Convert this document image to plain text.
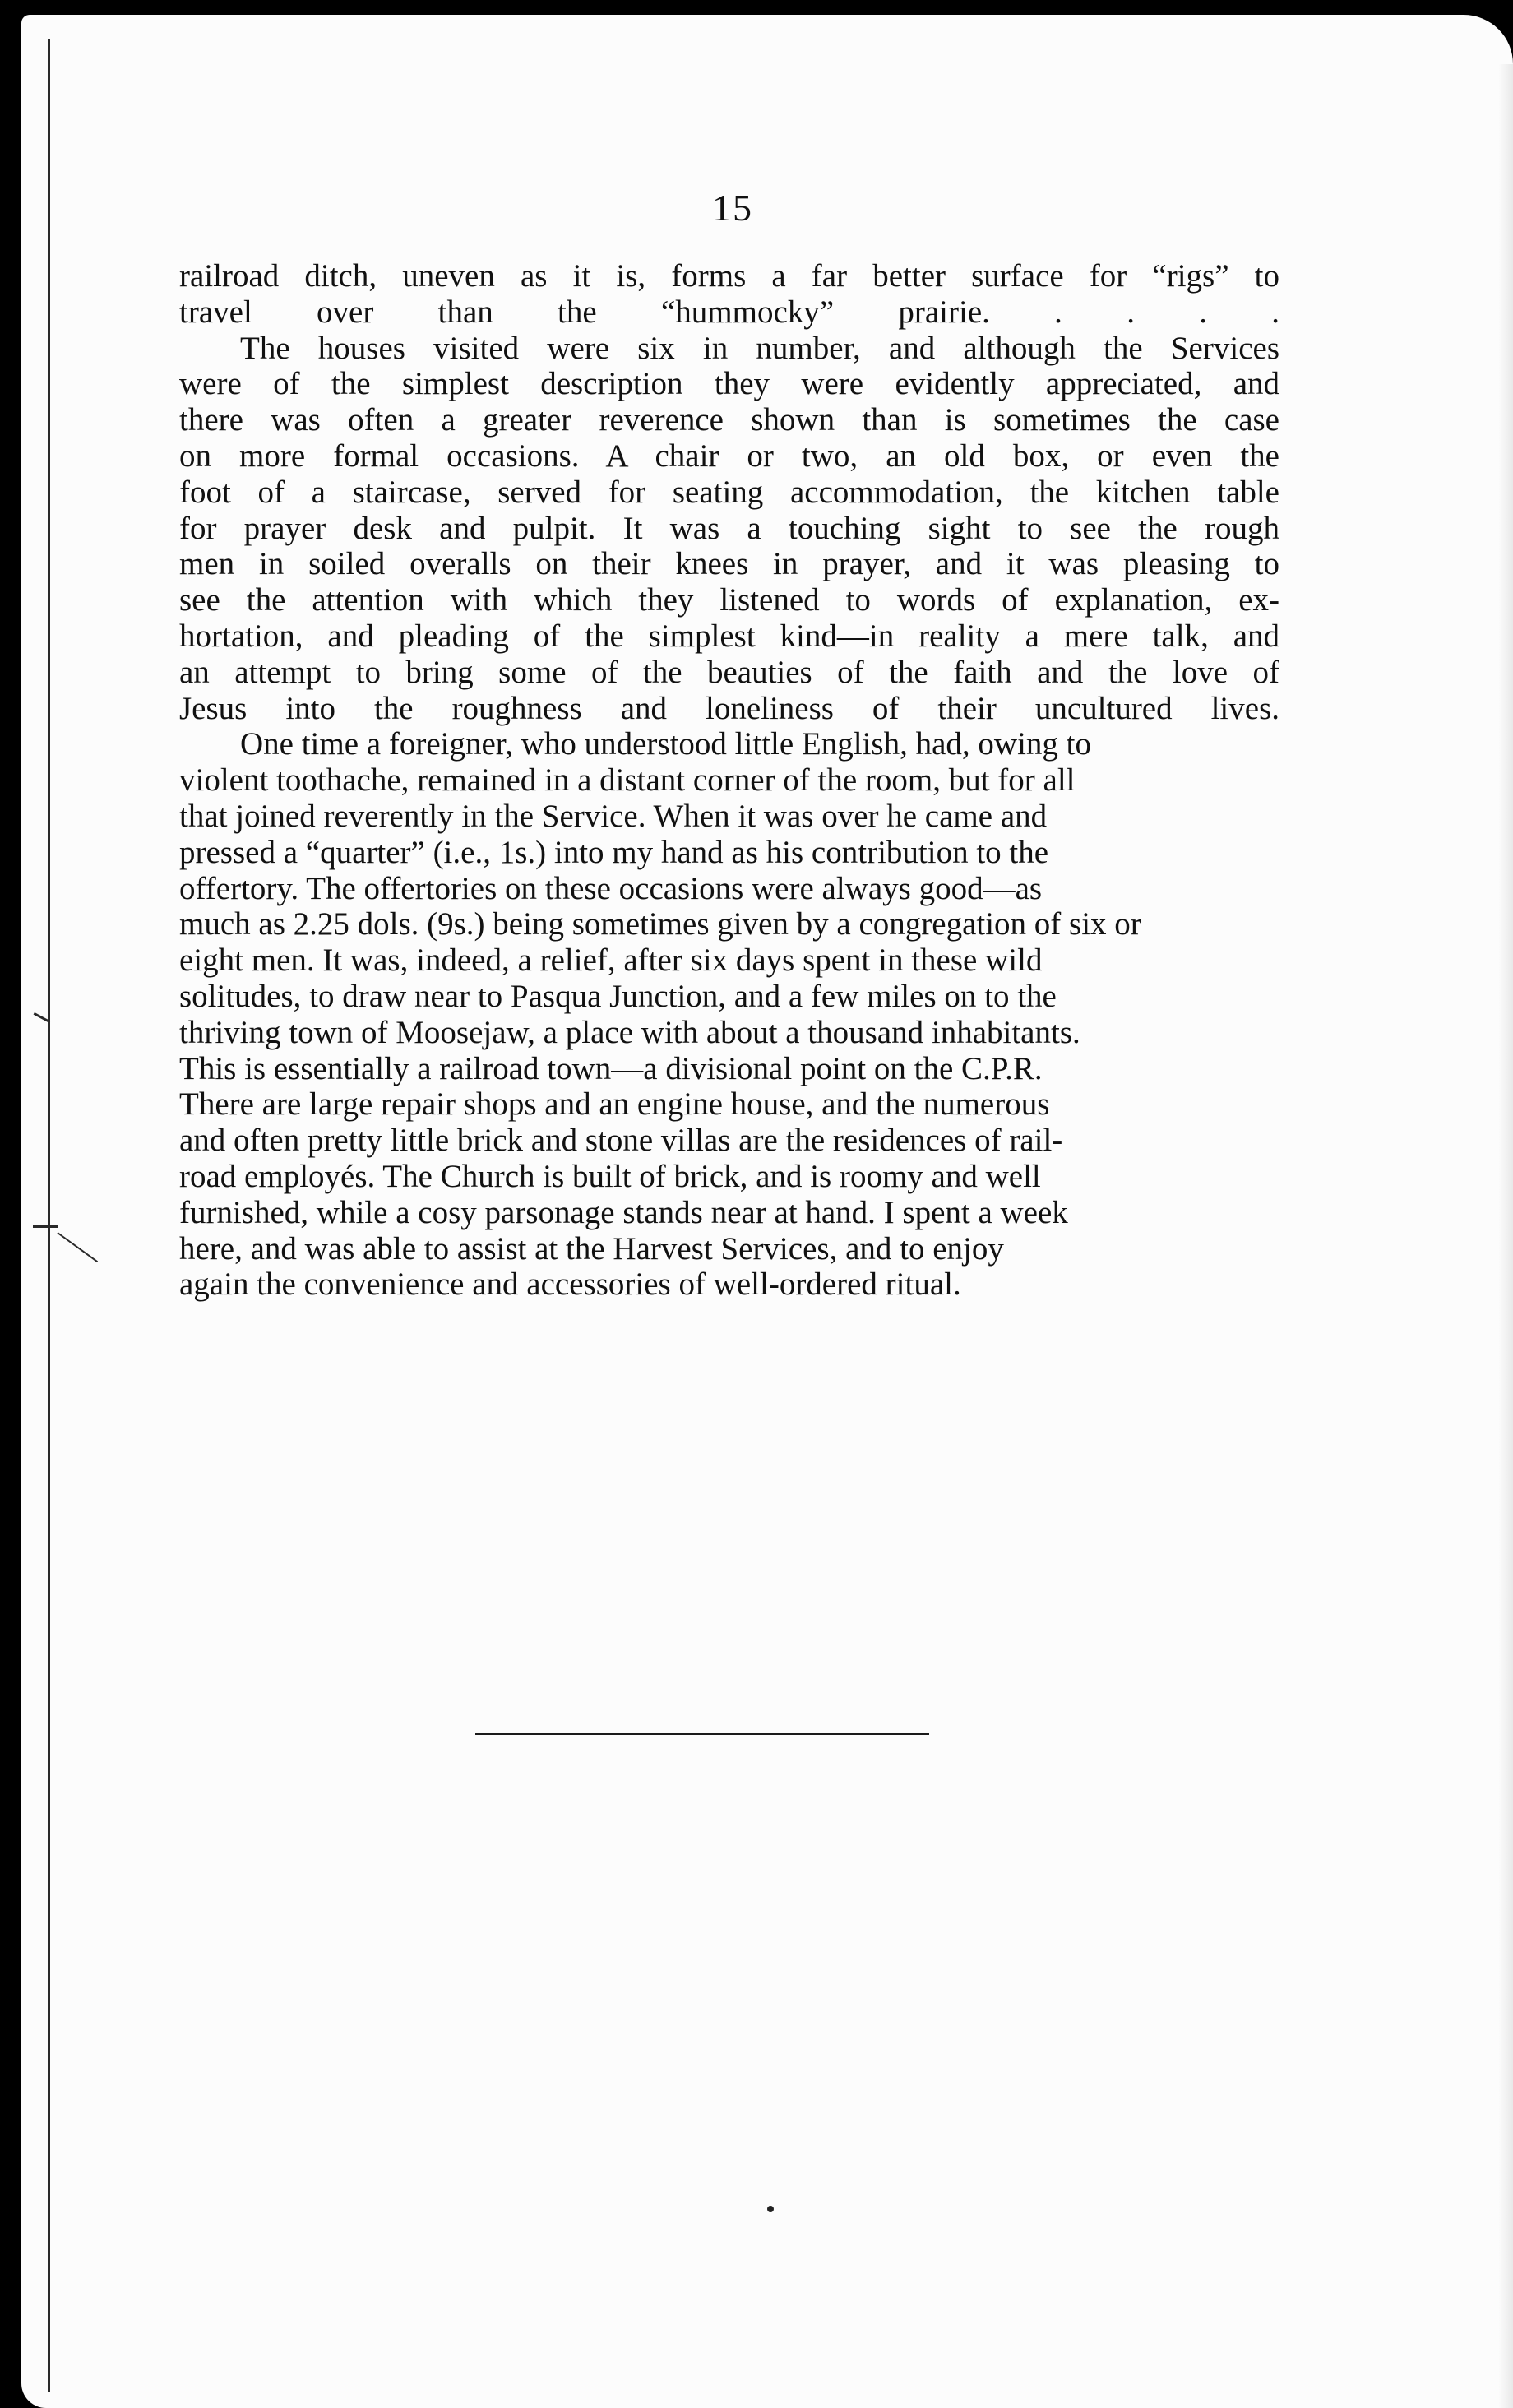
15

railroad ditch, uneven as it is, forms a far better surface for “rigs” to
travel over than the “hummocky” prairie. . . . .

The houses visited were six in number, and although the Services
were of the simplest description they were evidently appreciated, and
there was often a greater reverence shown than is sometimes the case
on more formal occasions. A chair or two, an old box, or even the
foot of a staircase, served for seating accommodation, the kitchen table
for prayer desk and pulpit. It was a touching sight to see the rough
men in soiled overalls on their knees in prayer, and it was pleasing to
see the attention with which they listened to words of explanation, ex-
hortation, and pleading of the simplest kind—in reality a mere talk, and
an attempt to bring some of the beauties of the faith and the love of
Jesus into the roughness and loneliness of their uncultured lives.

One time a foreigner, who understood little English, had, owing to
violent toothache, remained in a distant corner of the room, but for all
that joined reverently in the Service. When it was over he came and
pressed a “quarter” (i.e., 1s.) into my hand as his contribution to the
offertory. The offertories on these occasions were always good—as
much as 2.25 dols. (9s.) being sometimes given by a congregation of six or
eight men. It was, indeed, a relief, after six days spent in these wild
solitudes, to draw near to Pasqua Junction, and a few miles on to the
thriving town of Moosejaw, a place with about a thousand inhabitants.
This is essentially a railroad town—a divisional point on the C.P.R.
There are large repair shops and an engine house, and the numerous
and often pretty little brick and stone villas are the residences of rail-
road employés. The Church is built of brick, and is roomy and well
furnished, while a cosy parsonage stands near at hand. I spent a week
here, and was able to assist at the Harvest Services, and to enjoy
again the convenience and accessories of well-ordered ritual.
